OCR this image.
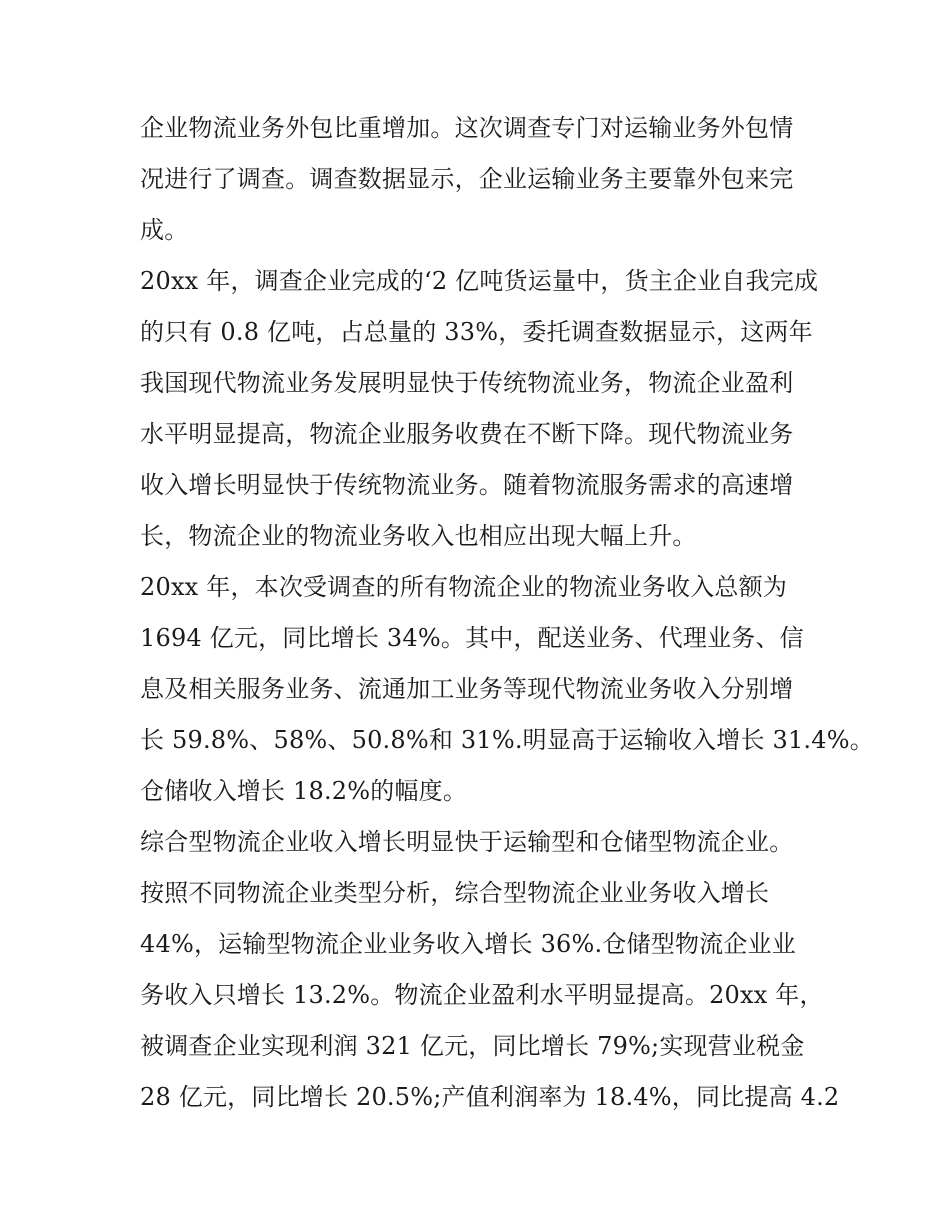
企业物流业务外包比重增加。这次调查专门对运输业务外包情
况进行了调查。调查数据显示，企业运输业务主要靠外包来完
成。
20xx 年，调查企业完成的‘2 亿吨货运量中，货主企业自我完成
的只有 0.8 亿吨，占总量的 33%，委托调查数据显示，这两年
我国现代物流业务发展明显快于传统物流业务，物流企业盈利
水平明显提高，物流企业服务收费在不断下降。现代物流业务
收入增长明显快于传统物流业务。随着物流服务需求的高速增
长，物流企业的物流业务收入也相应出现大幅上升。
20xx 年，本次受调查的所有物流企业的物流业务收入总额为
1694 亿元，同比增长 34%。其中，配送业务、代理业务、信
息及相关服务业务、流通加工业务等现代物流业务收入分别增
长 59.8%、58%、50.8%和 31%.明显高于运输收入增长 31.4%。
仓储收入增长 18.2%的幅度。
综合型物流企业收入增长明显快于运输型和仓储型物流企业。
按照不同物流企业类型分析，综合型物流企业业务收入增长
44%，运输型物流企业业务收入增长 36%.仓储型物流企业业
务收入只增长 13.2%。物流企业盈利水平明显提高。20xx 年，
被调查企业实现利润 321 亿元，同比增长 79%;实现营业税金
28 亿元，同比增长 20.5%;产值利润率为 18.4%，同比提高 4.2
